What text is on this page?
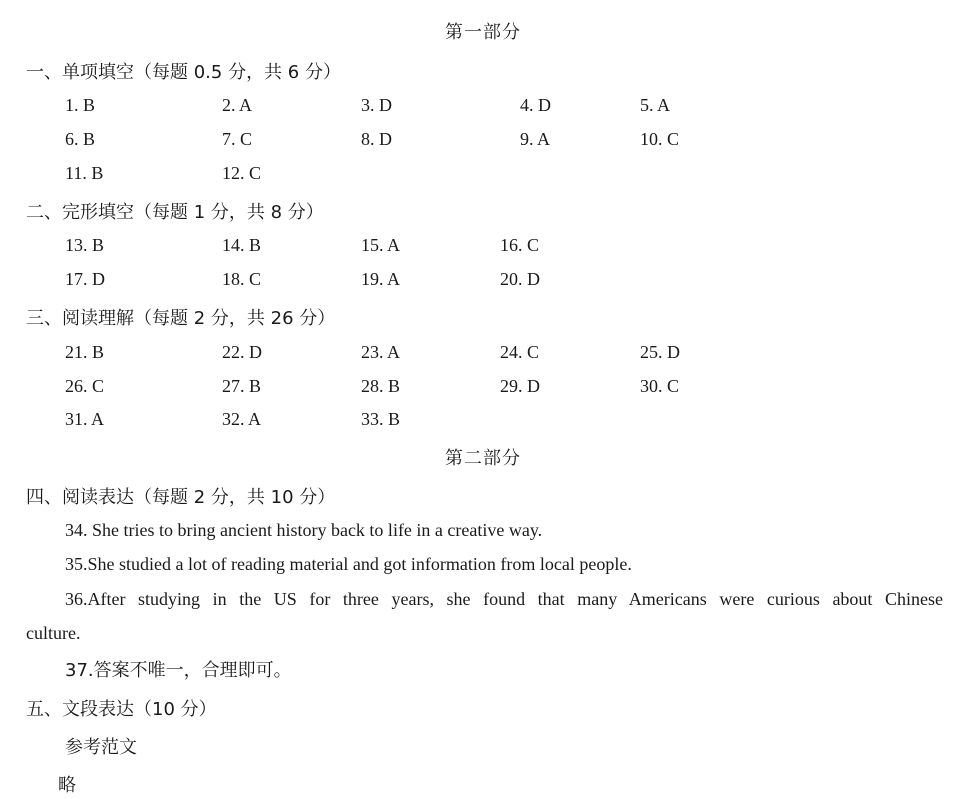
第一部分
一、单项填空（每题 0.5 分，共 6 分）
1. B	2. A	3. D	4. D	5. A
6. B	7. C	8. D	9. A	10. C
11. B	12. C
二、完形填空（每题 1 分，共 8 分）
13. B	14. B	15. A	16. C
17. D	18. C	19. A	20. D
三、阅读理解（每题 2 分，共 26 分）
21. B	22. D	23. A	24. C	25. D
26. C	27. B	28. B	29. D	30. C
31. A	32. A	33. B
第二部分
四、阅读表达（每题 2 分，共 10 分）
34. She tries to bring ancient history back to life in a creative way.
35.She studied a lot of reading material and got information from local people.
36.After studying in the US for three years, she found that many Americans were curious about Chinese
culture.
37.答案不唯一，合理即可。
五、文段表达（10 分）
参考范文
略
